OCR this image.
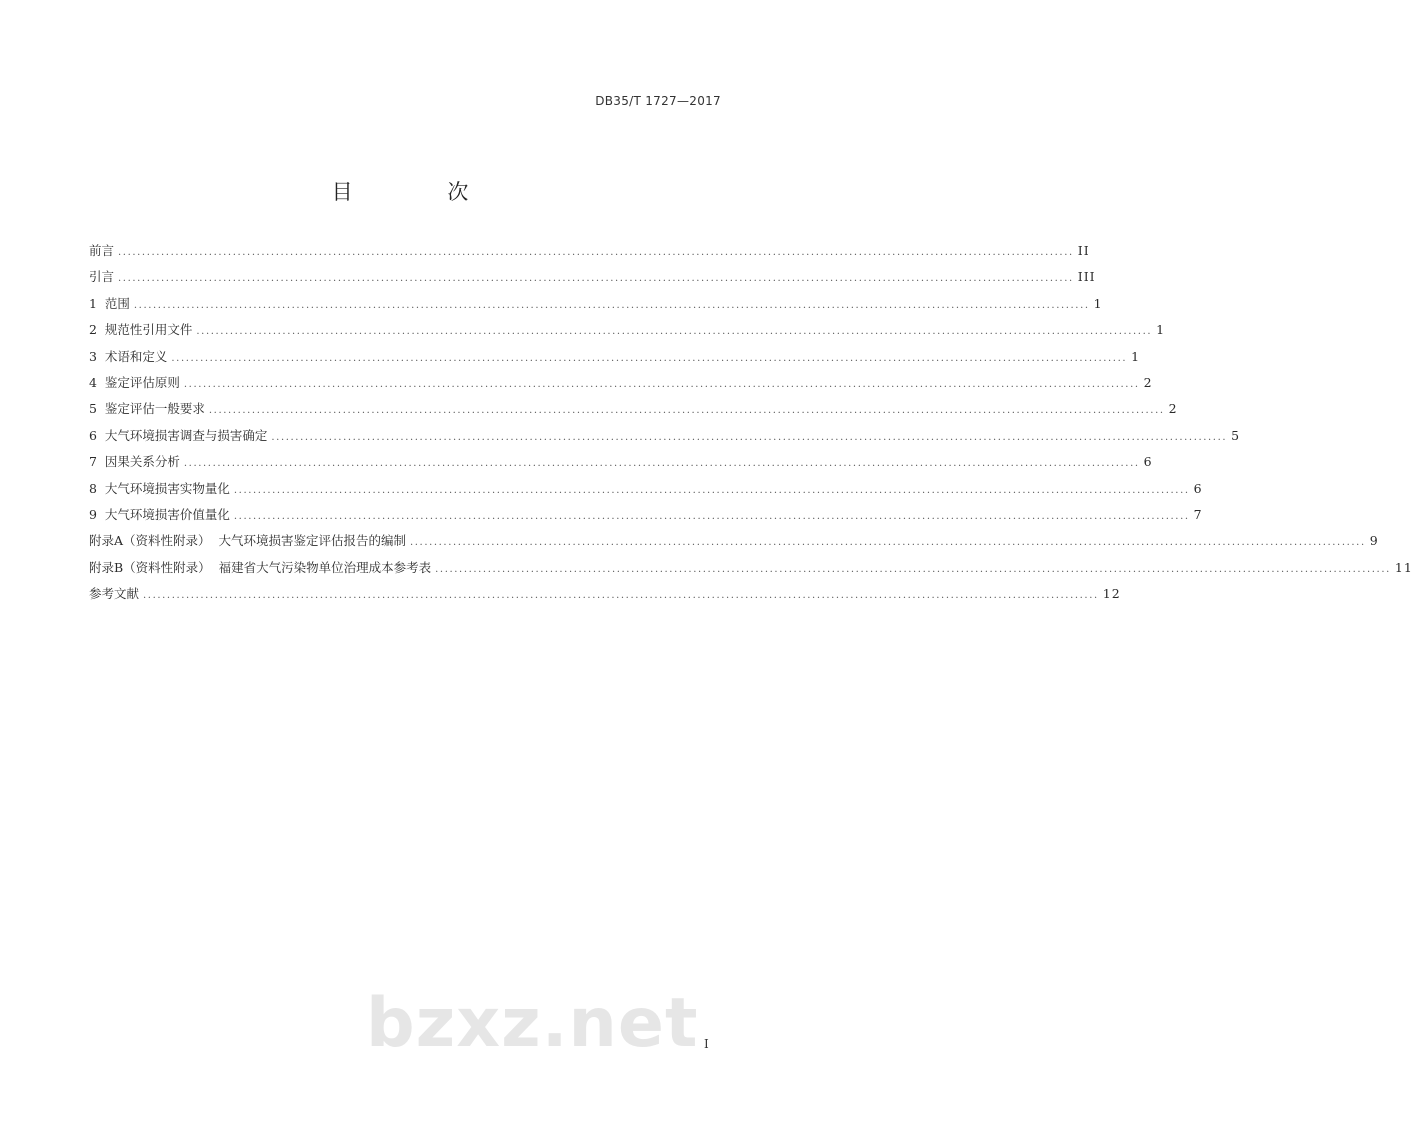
DB35/T 1727—2017
目 次
前言 ........................................................................................................................................................................................................ II
引言 ........................................................................................................................................................................................................ III
1  范围 ........................................................................................................................................................................................................ 1
2  规范性引用文件 ........................................................................................................................................................................................................ 1
3  术语和定义 ........................................................................................................................................................................................................ 1
4  鉴定评估原则 ........................................................................................................................................................................................................ 2
5  鉴定评估一般要求 ........................................................................................................................................................................................................ 2
6  大气环境损害调查与损害确定 ........................................................................................................................................................................................................ 5
7  因果关系分析 ........................................................................................................................................................................................................ 6
8  大气环境损害实物量化 ........................................................................................................................................................................................................ 6
9  大气环境损害价值量化 ........................................................................................................................................................................................................ 7
附录A（资料性附录）  大气环境损害鉴定评估报告的编制 ........................................................................................................................................................................................................ 9
附录B（资料性附录）  福建省大气污染物单位治理成本参考表 ........................................................................................................................................................................................................ 11
参考文献 ........................................................................................................................................................................................................ 12
bzxz.net I
